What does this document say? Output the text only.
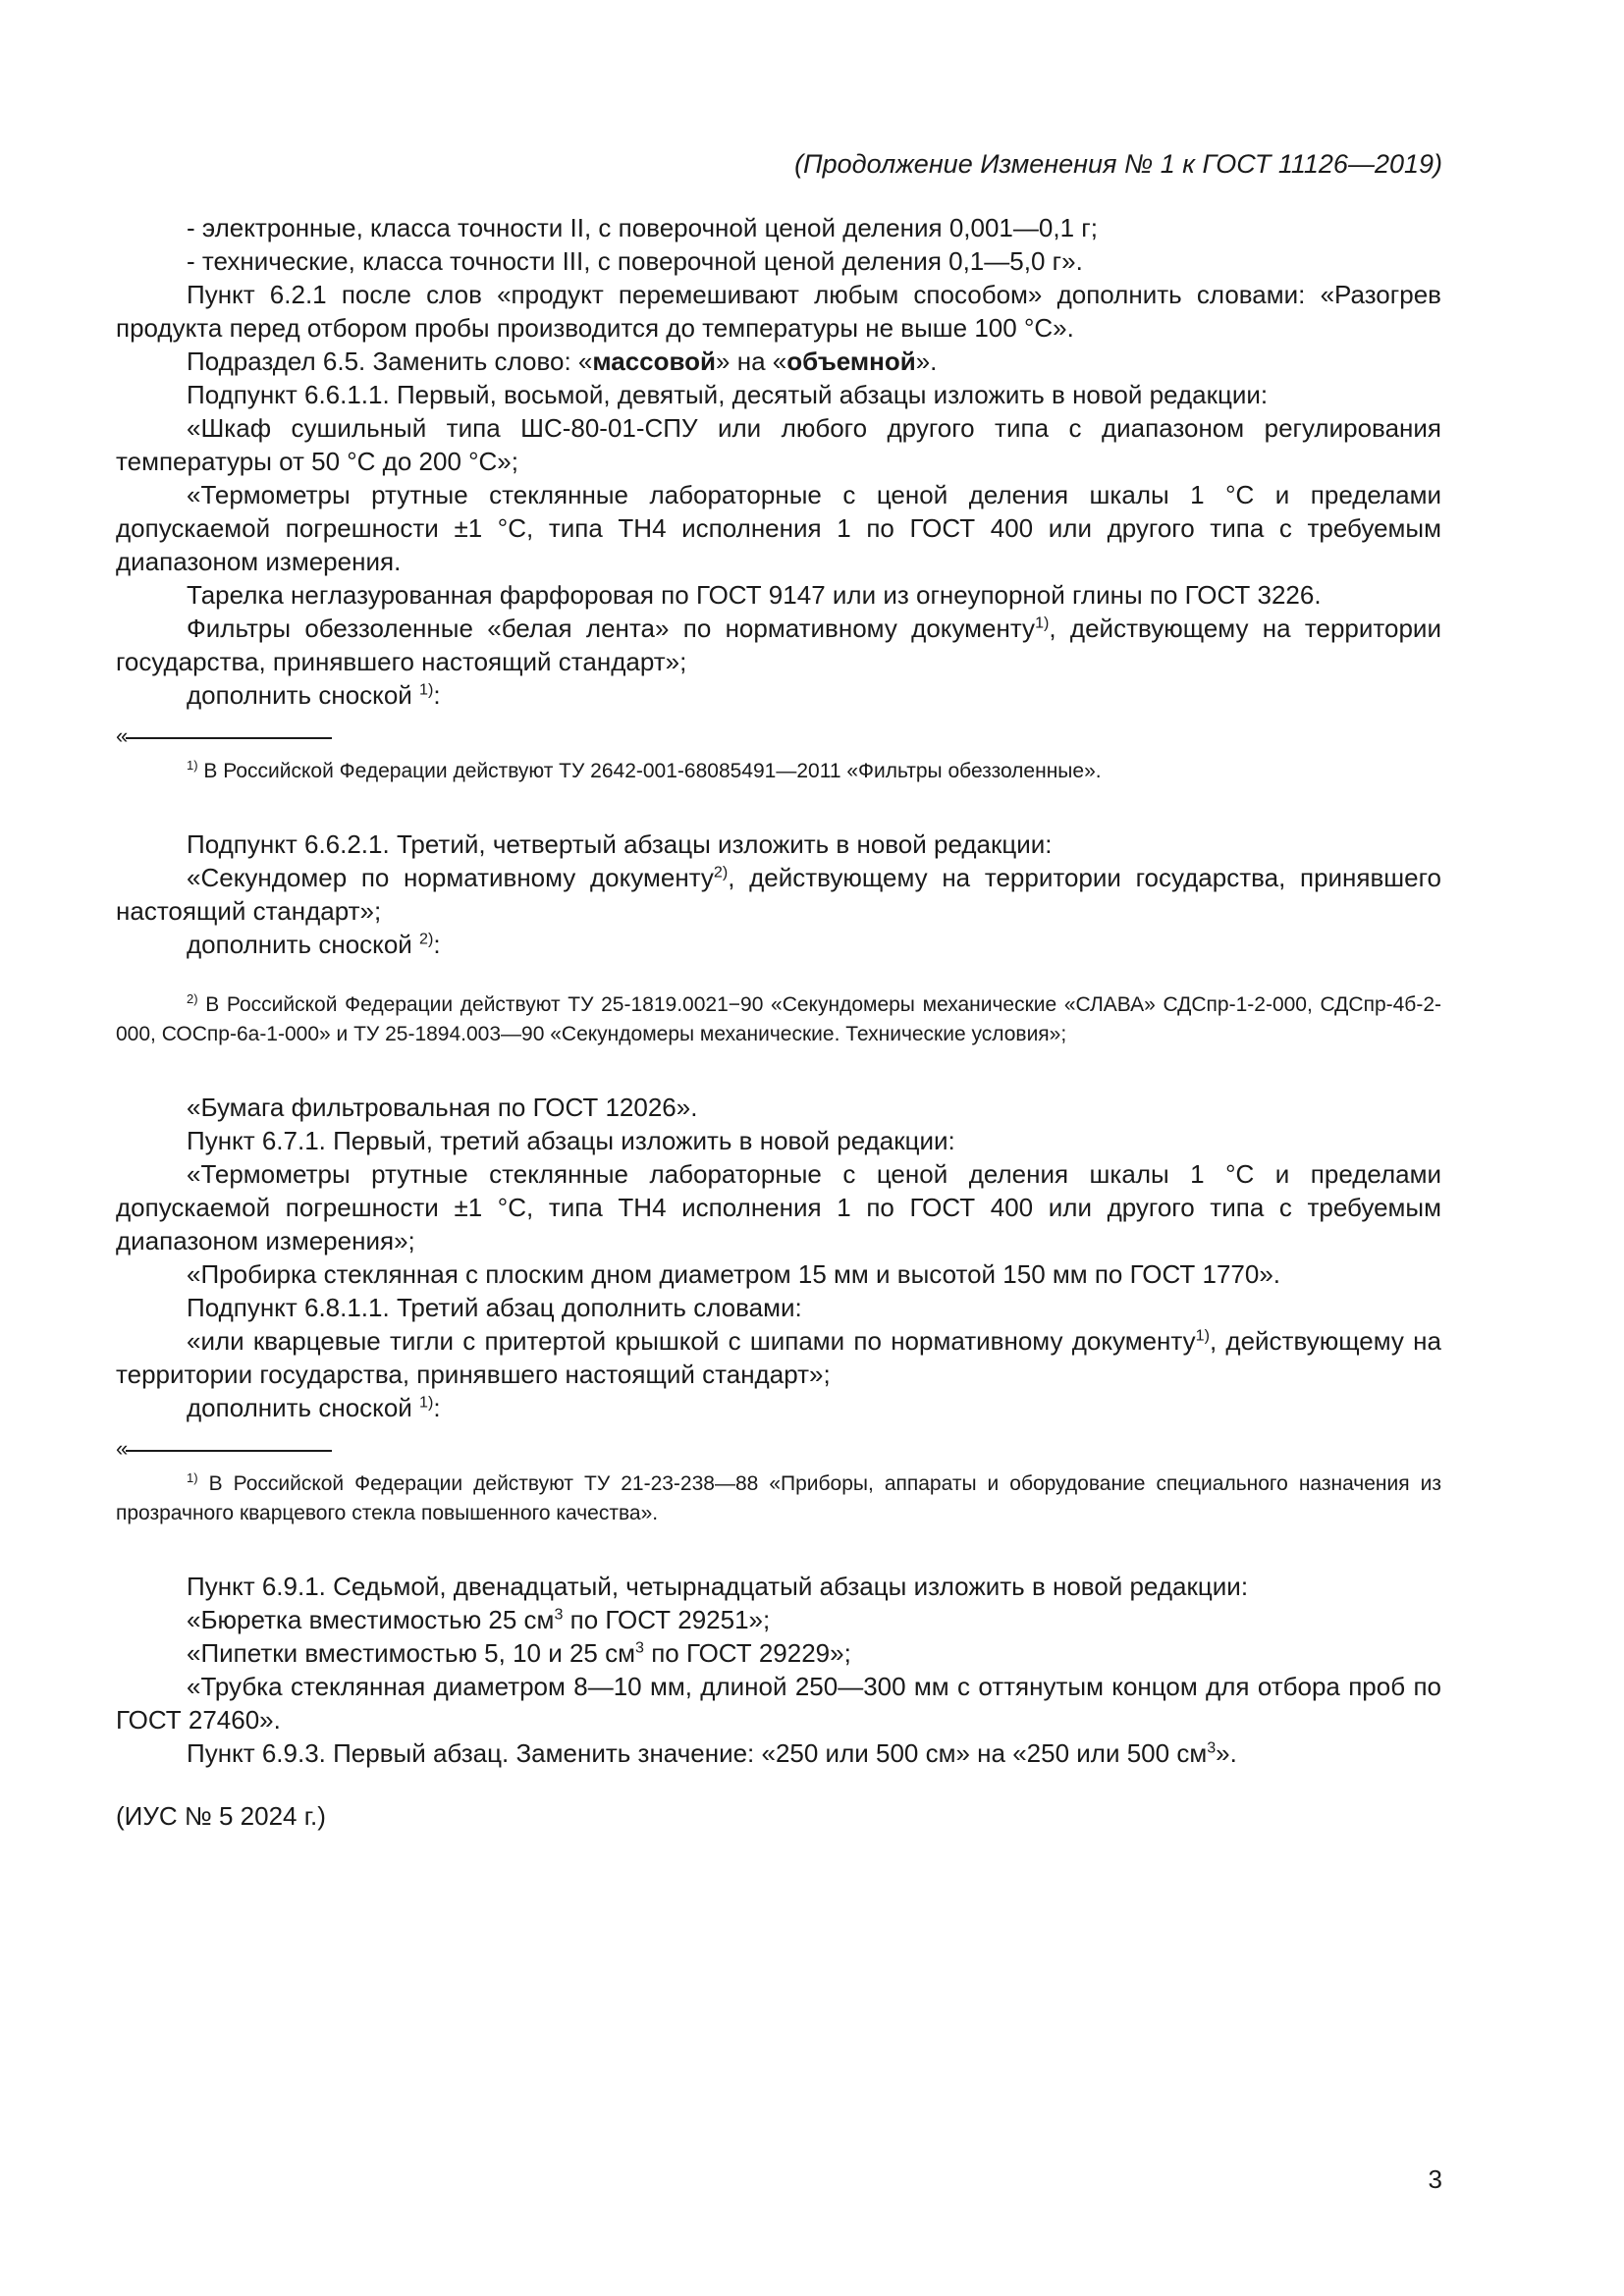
(Продолжение Изменения № 1 к ГОСТ 11126—2019)

- электронные, класса точности II, с поверочной ценой деления 0,001—0,1 г;

- технические, класса точности III, с поверочной ценой деления 0,1—5,0 г».

Пункт 6.2.1 после слов «продукт перемешивают любым способом» дополнить словами: «Разогрев продукта перед отбором пробы производится до температуры не выше 100 °С».

Подраздел 6.5. Заменить слово: «массовой» на «объемной».

Подпункт 6.6.1.1. Первый, восьмой, девятый, десятый абзацы изложить в новой редакции:

«Шкаф сушильный типа ШС-80-01-СПУ или любого другого типа с диапазоном регулирования температуры от 50 °С до 200 °С»;

«Термометры ртутные стеклянные лабораторные с ценой деления шкалы 1 °С и пределами допускаемой погрешности ±1 °С, типа ТН4 исполнения 1 по ГОСТ 400 или другого типа с требуемым диапазоном измерения.

Тарелка неглазурованная фарфоровая по ГОСТ 9147 или из огнеупорной глины по ГОСТ 3226.

Фильтры обеззоленные «белая лента» по нормативному документу$^{1)}$, действующему на территории государства, принявшего настоящий стандарт»;

дополнить сноской $^{1)}$:

«

$^{1)}$ В Российской Федерации действуют ТУ 2642-001-68085491—2011 «Фильтры обеззоленные».

Подпункт 6.6.2.1. Третий, четвертый абзацы изложить в новой редакции:

«Секундомер по нормативному документу$^{2)}$, действующему на территории государства, принявшего настоящий стандарт»;

дополнить сноской $^{2)}$:

$^{2)}$ В Российской Федерации действуют ТУ 25-1819.0021−90 «Секундомеры механические «СЛАВА» СДСпр-1-2-000, СДСпр-4б-2-000, СОСпр-6а-1-000» и ТУ 25-1894.003—90 «Секундомеры механические. Технические условия»;

«Бумага фильтровальная по ГОСТ 12026».

Пункт 6.7.1. Первый, третий абзацы изложить в новой редакции:

«Термометры ртутные стеклянные лабораторные с ценой деления шкалы 1 °С и пределами допускаемой погрешности ±1 °С, типа ТН4 исполнения 1 по ГОСТ 400 или другого типа с требуемым диапазоном измерения»;

«Пробирка стеклянная с плоским дном диаметром 15 мм и высотой 150 мм по ГОСТ 1770».

Подпункт 6.8.1.1. Третий абзац дополнить словами:

«или кварцевые тигли с притертой крышкой с шипами по нормативному документу$^{1)}$, действующему на территории государства, принявшего настоящий стандарт»;

дополнить сноской $^{1)}$:

«

$^{1)}$ В Российской Федерации действуют ТУ 21-23-238—88 «Приборы, аппараты и оборудование специального назначения из прозрачного кварцевого стекла повышенного качества».

Пункт 6.9.1. Седьмой, двенадцатый, четырнадцатый абзацы изложить в новой редакции:

«Бюретка вместимостью 25 $см^3$ по ГОСТ 29251»;

«Пипетки вместимостью 5, 10 и 25 $см^3$ по ГОСТ 29229»;

«Трубка стеклянная диаметром 8—10 мм, длиной 250—300 мм с оттянутым концом для отбора проб по ГОСТ 27460».

Пункт 6.9.3. Первый абзац. Заменить значение: «250 или 500 см» на «250 или 500 $см^3$».

(ИУС № 5 2024 г.)

3
